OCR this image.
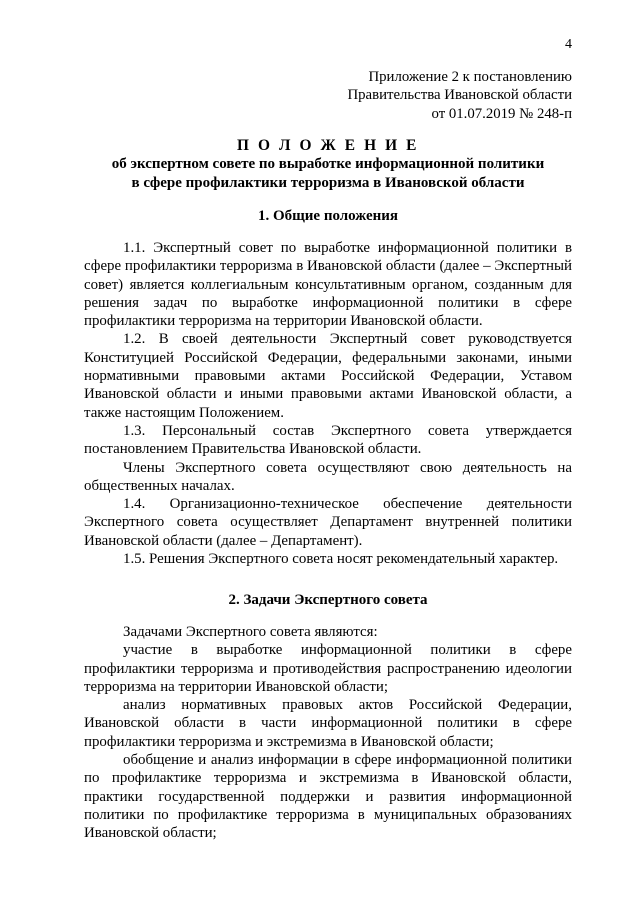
4
Приложение 2 к постановлению
Правительства Ивановской области
от 01.07.2019 № 248-п
П О Л О Ж Е Н И Е
об экспертном совете по выработке информационной политики
в сфере профилактики терроризма в Ивановской области
1. Общие положения

1.1. Экспертный совет по выработке информационной политики в сфере профилактики терроризма в Ивановской области (далее – Экспертный совет) является коллегиальным консультативным органом, созданным для решения задач по выработке информационной политики в сфере профилактики терроризма на территории Ивановской области.

1.2. В своей деятельности Экспертный совет руководствуется Конституцией Российской Федерации, федеральными законами, иными нормативными правовыми актами Российской Федерации, Уставом Ивановской области и иными правовыми актами Ивановской области, а также настоящим Положением.

1.3. Персональный состав Экспертного совета утверждается постановлением Правительства Ивановской области.

Члены Экспертного совета осуществляют свою деятельность на общественных началах.

1.4. Организационно-техническое обеспечение деятельности Экспертного совета осуществляет Департамент внутренней политики Ивановской области (далее – Департамент).

1.5. Решения Экспертного совета носят рекомендательный характер.

2. Задачи Экспертного совета

Задачами Экспертного совета являются:

участие в выработке информационной политики в сфере профилактики терроризма и противодействия распространению идеологии терроризма на территории Ивановской области;

анализ нормативных правовых актов Российской Федерации, Ивановской области в части информационной политики в сфере профилактики терроризма и экстремизма в Ивановской области;

обобщение и анализ информации в сфере информационной политики по профилактике терроризма и экстремизма в Ивановской области, практики государственной поддержки и развития информационной политики по профилактике терроризма в муниципальных образованиях Ивановской области;
